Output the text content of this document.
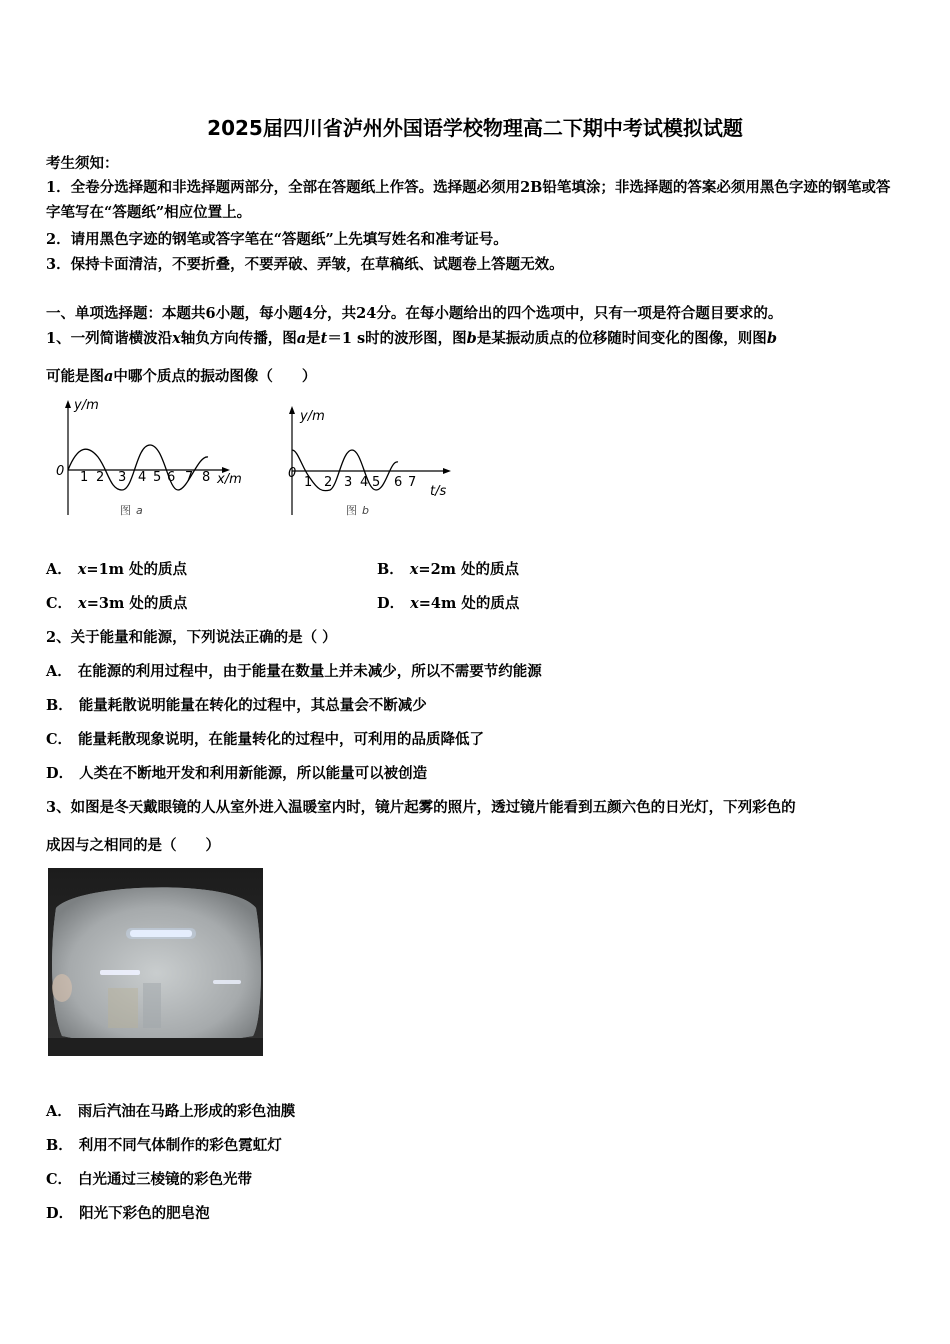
2025届四川省泸州外国语学校物理高二下期中考试模拟试题
考生须知：
1．全卷分选择题和非选择题两部分，全部在答题纸上作答。选择题必须用2B铅笔填涂；非选择题的答案必须用黑色字迹的钢笔或答字笔写在“答题纸”相应位置上。
2．请用黑色字迹的钢笔或答字笔在“答题纸”上先填写姓名和准考证号。
3．保持卡面清洁，不要折叠，不要弄破、弄皱，在草稿纸、试题卷上答题无效。
一、单项选择题：本题共6小题，每小题4分，共24分。在每小题给出的四个选项中，只有一项是符合题目要求的。
1、一列简谐横波沿x轴负方向传播，图a是t＝1 s时的波形图，图b是某振动质点的位移随时间变化的图像，则图b
可能是图a中哪个质点的振动图像（　　）
y/m
0
x/m
1 2 3 4 5 6 7 8
图 a
y/m
0
t/s
1 2 3 4 5 6 7
图 b
A． x=1m 处的质点	B． x=2m 处的质点
C． x=3m 处的质点	D． x=4m 处的质点
2、关于能量和能源，下列说法正确的是（ ）
A． 在能源的利用过程中，由于能量在数量上并未减少，所以不需要节约能源
B． 能量耗散说明能量在转化的过程中，其总量会不断减少
C． 能量耗散现象说明，在能量转化的过程中，可利用的品质降低了
D． 人类在不断地开发和利用新能源，所以能量可以被创造
3、如图是冬天戴眼镜的人从室外进入温暖室内时，镜片起雾的照片，透过镜片能看到五颜六色的日光灯，下列彩色的
成因与之相同的是（　　）
A． 雨后汽油在马路上形成的彩色油膜
B． 利用不同气体制作的彩色霓虹灯
C． 白光通过三棱镜的彩色光带
D． 阳光下彩色的肥皂泡
